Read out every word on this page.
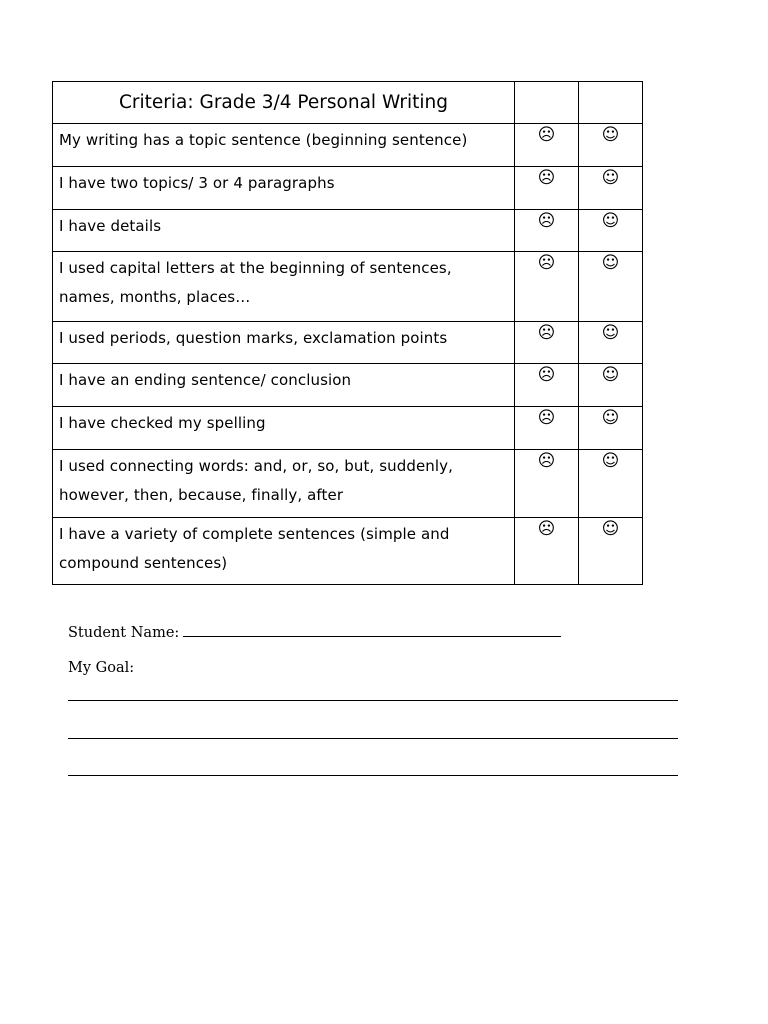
Criteria: Grade 3/4 Personal Writing		

My writing has a topic sentence (beginning sentence)	☹	☺

I have two topics/ 3 or 4 paragraphs	☹	☺

I have details	☹	☺

I used capital letters at the beginning of sentences, names, months, places…	☹	☺

I used periods, question marks, exclamation points	☹	☺

I have an ending sentence/ conclusion	☹	☺

I have checked my spelling	☹	☺

I used connecting words: and, or, so, but, suddenly, however, then, because, finally, after	☹	☺

I have a variety of complete sentences (simple and compound sentences)	☹	☺
Student Name:
My Goal:
